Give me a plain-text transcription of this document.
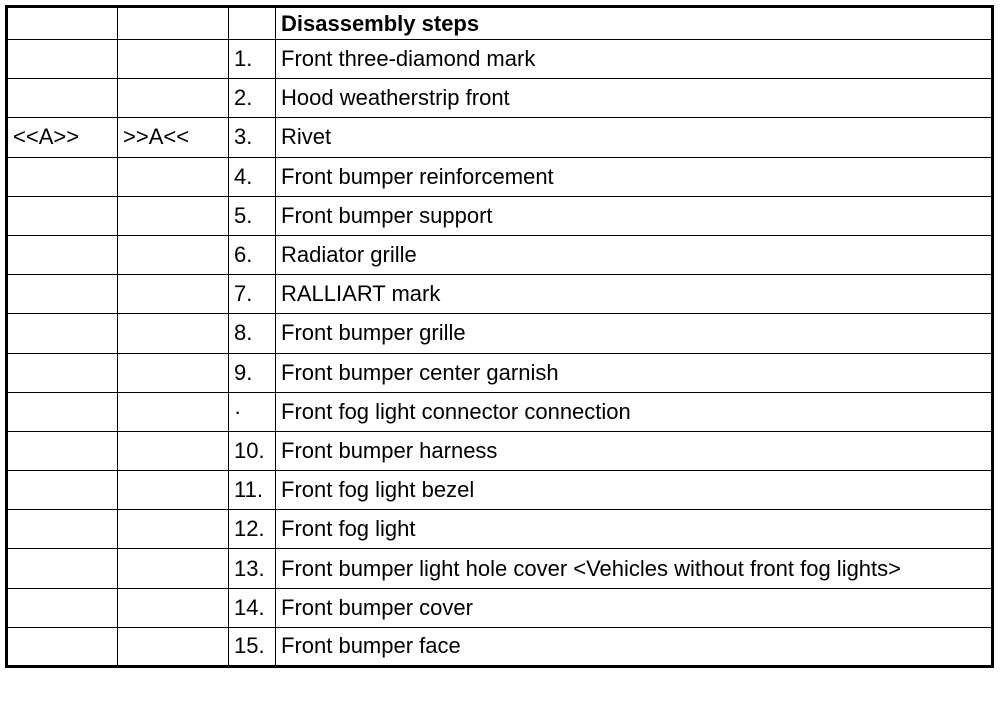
			Disassembly steps
		1.	Front three-diamond mark
		2.	Hood weatherstrip front
<<A>>	>>A<<	3.	Rivet
		4.	Front bumper reinforcement
		5.	Front bumper support
		6.	Radiator grille
		7.	RALLIART mark
		8.	Front bumper grille
		9.	Front bumper center garnish
		·	Front fog light connector connection
		10.	Front bumper harness
		11.	Front fog light bezel
		12.	Front fog light
		13.	Front bumper light hole cover <Vehicles without front fog lights>
		14.	Front bumper cover
		15.	Front bumper face
